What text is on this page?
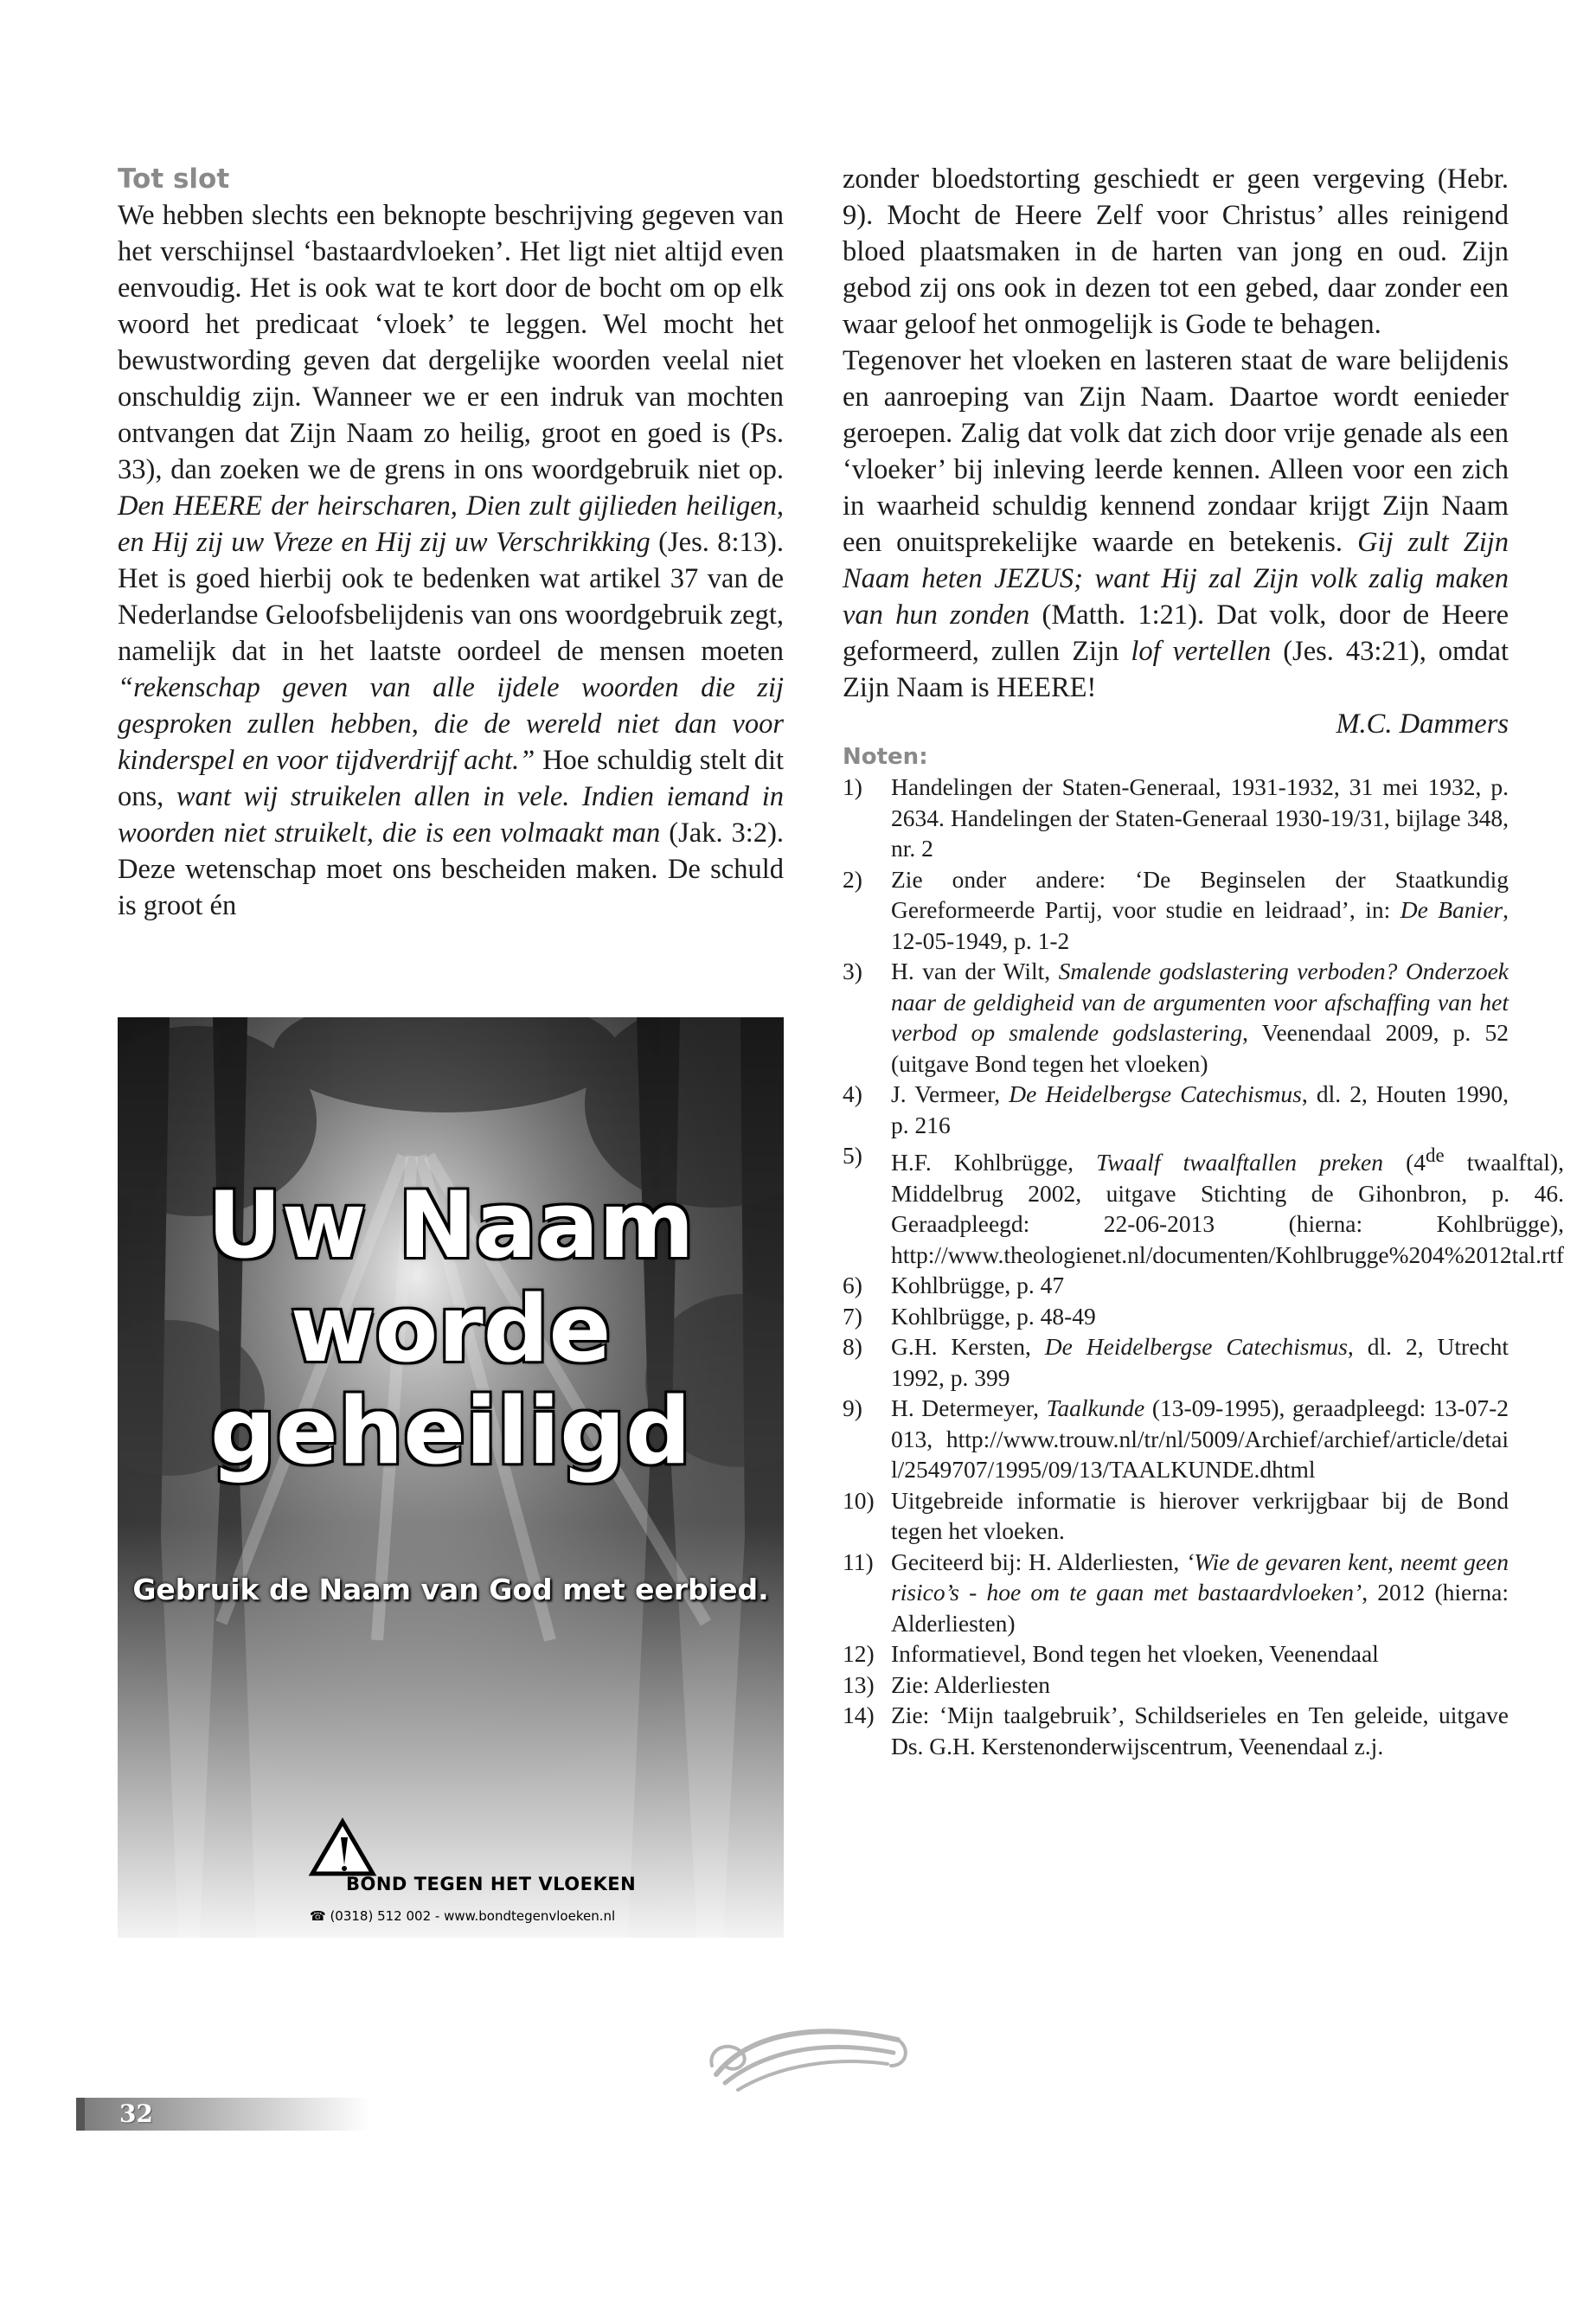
Tot slot

We hebben slechts een beknopte beschrijving gegeven van het verschijnsel ‘bastaardvloeken’. Het ligt niet altijd even eenvoudig. Het is ook wat te kort door de bocht om op elk woord het predicaat ‘vloek’ te leggen. Wel mocht het bewustwording geven dat dergelijke woorden veelal niet onschuldig zijn. Wanneer we er een indruk van mochten ontvangen dat Zijn Naam zo heilig, groot en goed is (Ps. 33), dan zoeken we de grens in ons woordgebruik niet op. Den HEERE der heirscharen, Dien zult gijlieden heiligen, en Hij zij uw Vreze en Hij zij uw Verschrikking (Jes. 8:13). Het is goed hierbij ook te bedenken wat artikel 37 van de Nederlandse Geloofsbelijdenis van ons woordgebruik zegt, namelijk dat in het laatste oordeel de mensen moeten “rekenschap geven van alle ijdele woorden die zij gesproken zullen hebben, die de wereld niet dan voor kinderspel en voor tijdverdrijf acht.” Hoe schuldig stelt dit ons, want wij struikelen allen in vele. Indien iemand in woorden niet struikelt, die is een volmaakt man (Jak. 3:2). Deze wetenschap moet ons bescheiden maken. De schuld is groot én

Uw Naam
worde
geheiligd
Gebruik de Naam van God met eerbied.
BOND TEGEN HET VLOEKEN
☎ (0318) 512 002 - www.bondtegenvloeken.nl

zonder bloedstorting geschiedt er geen vergeving (Hebr. 9). Mocht de Heere Zelf voor Christus’ alles reinigend bloed plaatsmaken in de harten van jong en oud. Zijn gebod zij ons ook in dezen tot een gebed, daar zonder een waar geloof het onmogelijk is Gode te behagen.

Tegenover het vloeken en lasteren staat de ware belijdenis en aanroeping van Zijn Naam. Daartoe wordt eenieder geroepen. Zalig dat volk dat zich door vrije genade als een ‘vloeker’ bij inleving leerde kennen. Alleen voor een zich in waarheid schuldig kennend zondaar krijgt Zijn Naam een onuitsprekelijke waarde en betekenis. Gij zult Zijn Naam heten JEZUS; want Hij zal Zijn volk zalig maken van hun zonden (Matth. 1:21). Dat volk, door de Heere geformeerd, zullen Zijn lof vertellen (Jes. 43:21), omdat Zijn Naam is HEERE!

M.C. Dammers

Noten:

1)	Handelingen der Staten-Generaal, 1931-1932, 31 mei 1932, p. 2634. Handelingen der Staten-Generaal 1930-19/31, bijlage 348, nr. 2
2)	Zie onder andere: ‘De Beginselen der Staatkundig Gereformeerde Partij, voor studie en leidraad’, in: De Banier, 12-05-1949, p. 1-2
3)	H. van der Wilt, Smalende godslastering verboden? Onderzoek naar de geldigheid van de argumenten voor afschaffing van het verbod op smalende godslastering, Veenendaal 2009, p. 52 (uitgave Bond tegen het vloeken)
4)	J. Vermeer, De Heidelbergse Catechismus, dl. 2, Houten 1990, p. 216
5)	H.F. Kohlbrügge, Twaalf twaalftallen preken (4de twaalftal), Middelbrug 2002, uitgave Stichting de Gihonbron, p. 46. Geraadpleegd: 22-06-2013 (hierna: Kohlbrügge), http://www.theologienet.nl/documenten/Kohlbrugge%204%2012tal.rtf
6)	Kohlbrügge, p. 47
7)	Kohlbrügge, p. 48-49
8)	G.H. Kersten, De Heidelbergse Catechismus, dl. 2, Utrecht 1992, p. 399
9)	H. Determeyer, Taalkunde (13-09-1995), geraadpleegd: 13-07-2013, http://www.trouw.nl/tr/nl/5009/Archief/archief/article/detail/2549707/1995/09/13/TAALKUNDE.dhtml
10) Uitgebreide informatie is hierover verkrijgbaar bij de Bond tegen het vloeken.
11) Geciteerd bij: H. Alderliesten, ‘Wie de gevaren kent, neemt geen risico’s - hoe om te gaan met bastaardvloeken’, 2012 (hierna: Alderliesten)
12) Informatievel, Bond tegen het vloeken, Veenendaal
13) Zie: Alderliesten
14) Zie: ‘Mijn taalgebruik’, Schildserieles en Ten geleide, uitgave Ds. G.H. Kerstenonderwijscentrum, Veenendaal z.j.
32
